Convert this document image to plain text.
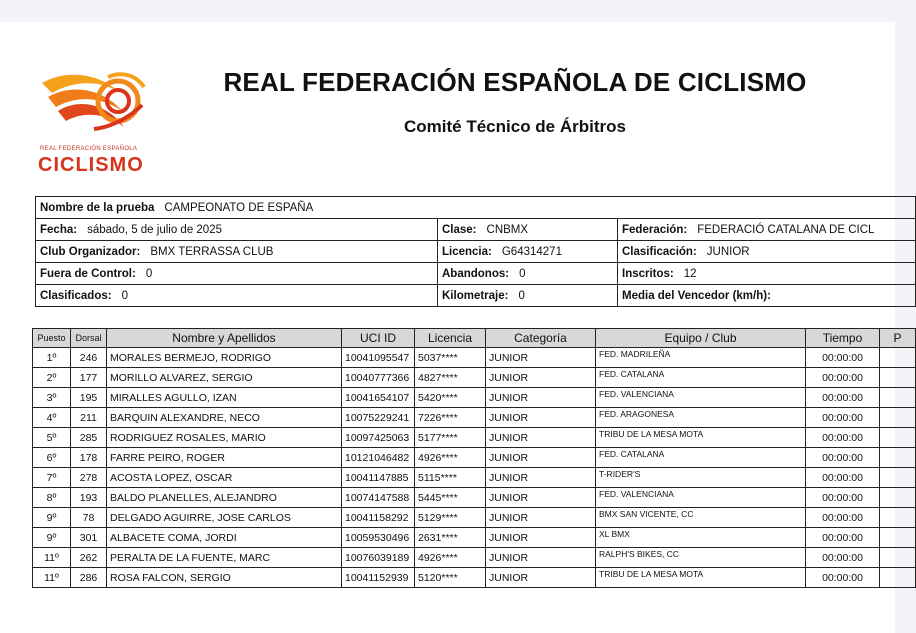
REAL FEDERACIÓN ESPAÑOLA
CICLISMO
REAL FEDERACIÓN ESPAÑOLA DE CICLISMO
Comité Técnico de Árbitros
Nombre de la prueba CAMPEONATO DE ESPAÑA		
Fecha: sábado, 5 de julio de 2025	Clase: CNBMX	Federación: FEDERACIÓ CATALANA DE CICL
Club Organizador: BMX TERRASSA CLUB	Licencia: G64314271	Clasificación: JUNIOR
Fuera de Control: 0	Abandonos: 0	Inscritos: 12
Clasificados: 0	Kilometraje: 0	Media del Vencedor (km/h):
Puesto	Dorsal	Nombre y Apellidos	UCI ID	Licencia	Categoría	Equipo / Club	Tiempo	P
1º	246	MORALES BERMEJO, RODRIGO	10041095547	5037****	JUNIOR	FED. MADRILEÑA	00:00:00	
2º	177	MORILLO ALVAREZ, SERGIO	10040777366	4827****	JUNIOR	FED. CATALANA	00:00:00	
3º	195	MIRALLES AGULLO, IZAN	10041654107	5420****	JUNIOR	FED. VALENCIANA	00:00:00	
4º	211	BARQUIN ALEXANDRE, NECO	10075229241	7226****	JUNIOR	FED. ARAGONESA	00:00:00	
5º	285	RODRIGUEZ ROSALES, MARIO	10097425063	5177****	JUNIOR	TRIBU DE LA MESA MOTA	00:00:00	
6º	178	FARRE PEIRO, ROGER	10121046482	4926****	JUNIOR	FED. CATALANA	00:00:00	
7º	278	ACOSTA LOPEZ, OSCAR	10041147885	5115****	JUNIOR	T-RIDER'S	00:00:00	
8º	193	BALDO PLANELLES, ALEJANDRO	10074147588	5445****	JUNIOR	FED. VALENCIANA	00:00:00	
9º	78	DELGADO AGUIRRE, JOSE CARLOS	10041158292	5129****	JUNIOR	BMX SAN VICENTE, CC	00:00:00	
9º	301	ALBACETE COMA, JORDI	10059530496	2631****	JUNIOR	XL BMX	00:00:00	
11º	262	PERALTA DE LA FUENTE, MARC	10076039189	4926****	JUNIOR	RALPH'S BIKES, CC	00:00:00	
11º	286	ROSA FALCON, SERGIO	10041152939	5120****	JUNIOR	TRIBU DE LA MESA MOTA	00:00:00	
